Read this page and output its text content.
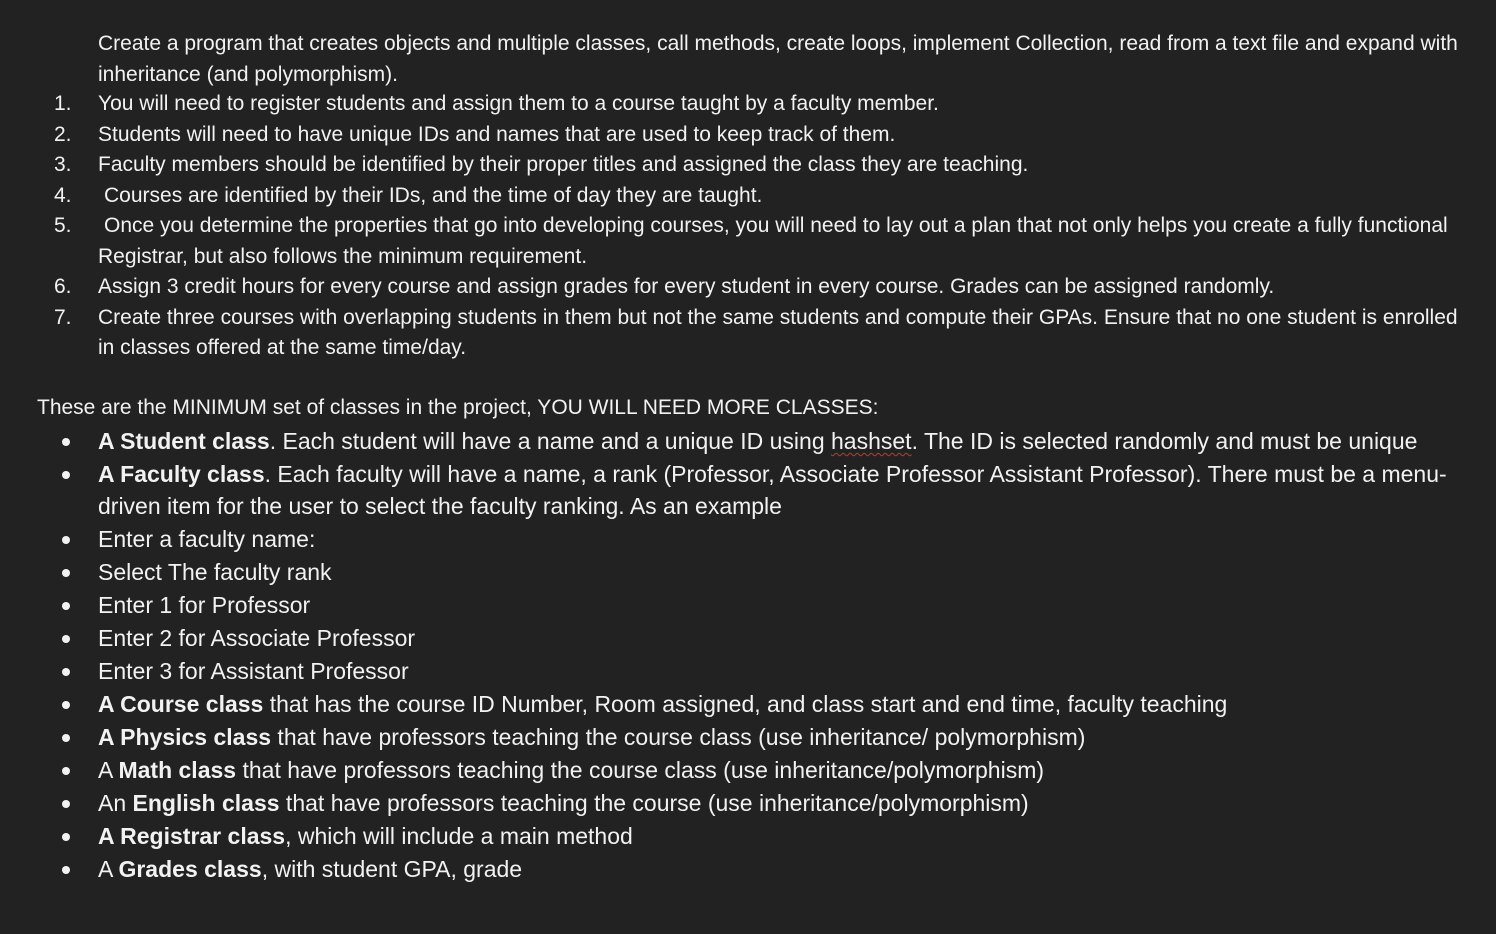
Create a program that creates objects and multiple classes, call methods, create loops, implement Collection, read from a text file and expand with inheritance (and polymorphism).
1. You will need to register students and assign them to a course taught by a faculty member.
2. Students will need to have unique IDs and names that are used to keep track of them.
3. Faculty members should be identified by their proper titles and assigned the class they are teaching.
4. Courses are identified by their IDs, and the time of day they are taught.
5. Once you determine the properties that go into developing courses, you will need to lay out a plan that not only helps you create a fully functional Registrar, but also follows the minimum requirement.
6. Assign 3 credit hours for every course and assign grades for every student in every course. Grades can be assigned randomly.
7. Create three courses with overlapping students in them but not the same students and compute their GPAs. Ensure that no one student is enrolled in classes offered at the same time/day.
These are the MINIMUM set of classes in the project, YOU WILL NEED MORE CLASSES:
A Student class. Each student will have a name and a unique ID using hashset. The ID is selected randomly and must be unique
A Faculty class. Each faculty will have a name, a rank (Professor, Associate Professor Assistant Professor). There must be a menu-driven item for the user to select the faculty ranking. As an example
Enter a faculty name:
Select The faculty rank
Enter 1 for Professor
Enter 2 for Associate Professor
Enter 3 for Assistant Professor
A Course class that has the course ID Number, Room assigned, and class start and end time, faculty teaching
A Physics class that have professors teaching the course class (use inheritance/ polymorphism)
A Math class that have professors teaching the course class (use inheritance/polymorphism)
An English class that have professors teaching the course (use inheritance/polymorphism)
A Registrar class, which will include a main method
A Grades class, with student GPA, grade
